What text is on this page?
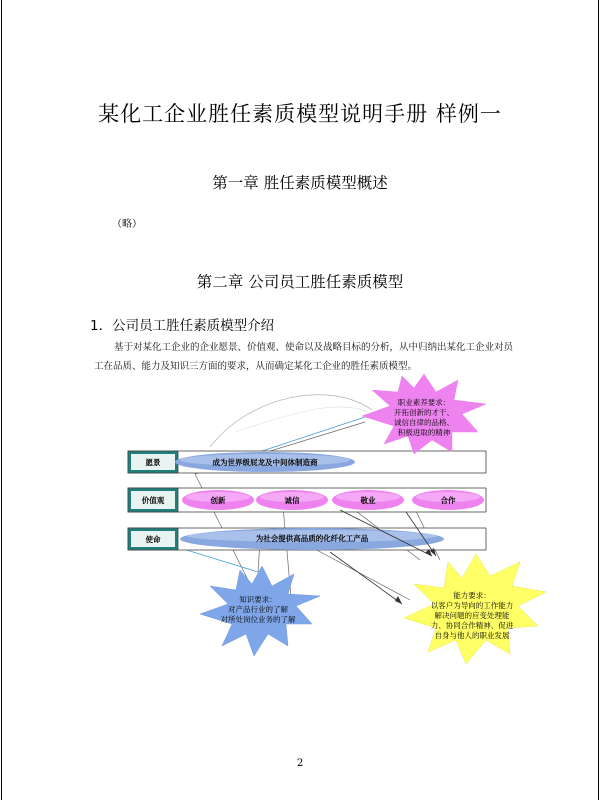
某化工企业胜任素质模型说明手册 样例一
第一章 胜任素质模型概述
（略）
第二章 公司员工胜任素质模型
1．公司员工胜任素质模型介绍
基于对某化工企业的企业愿景、价值观、使命以及战略目标的分析，从中归纳出某化工企业对员工在品质、能力及知识三方面的要求，从而确定某化工企业的胜任素质模型。
愿景	成为世界级屁龙及中间体制造商
价值观	创新	诚信	敬业	合作
使命	为社会提供高品质的化纤化工产品
职业素养要求：
开拓创新的才干、
诚信自律的品格、
积极进取的精神
知识要求：
对产品行业的了解
对所处岗位业务的了解
能力要求：
以客户为导向的工作能力
解决问题的应变处理能
力、协同合作精神、促进
自身与他人的职业发展
2
